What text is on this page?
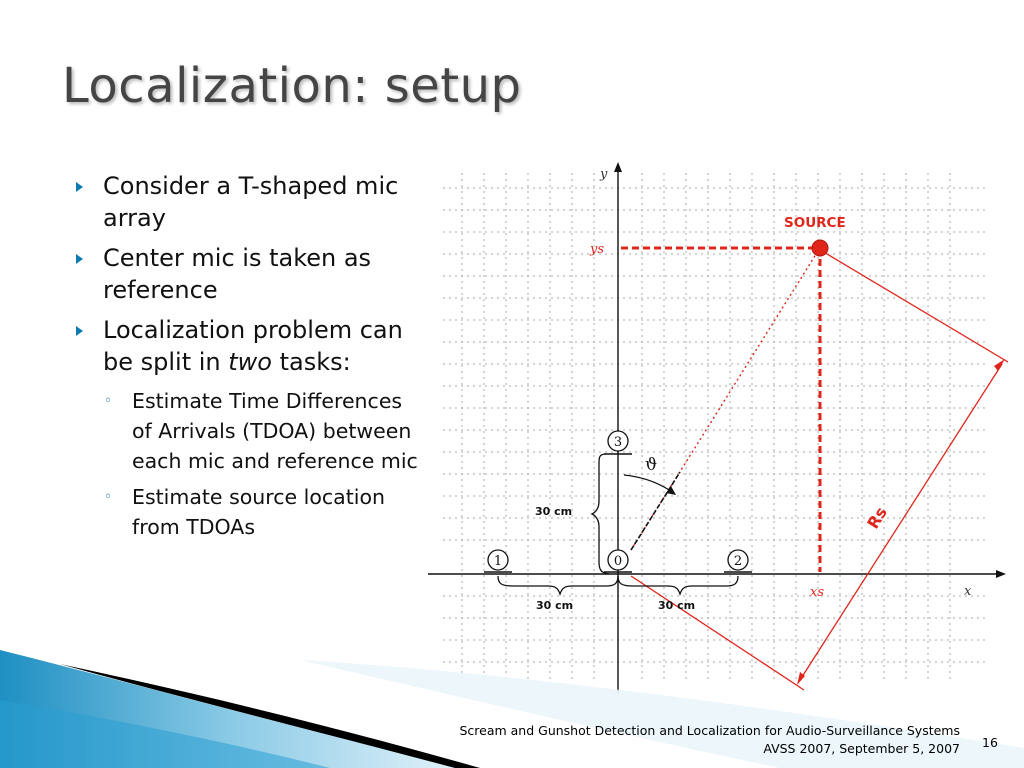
Localization: setup
Consider a T-shaped mic array
Center mic is taken as reference
Localization problem can be split in two tasks:
◦ Estimate Time Differences of Arrivals (TDOA) between each mic and reference mic
◦ Estimate source location from TDOAs
y
x
ys
xs
ϑ
Rs
SOURCE
30 cm
30 cm	30 cm
1	0	2
3
Scream and Gunshot Detection and Localization for Audio-Surveillance Systems
AVSS 2007, September 5, 2007 16
